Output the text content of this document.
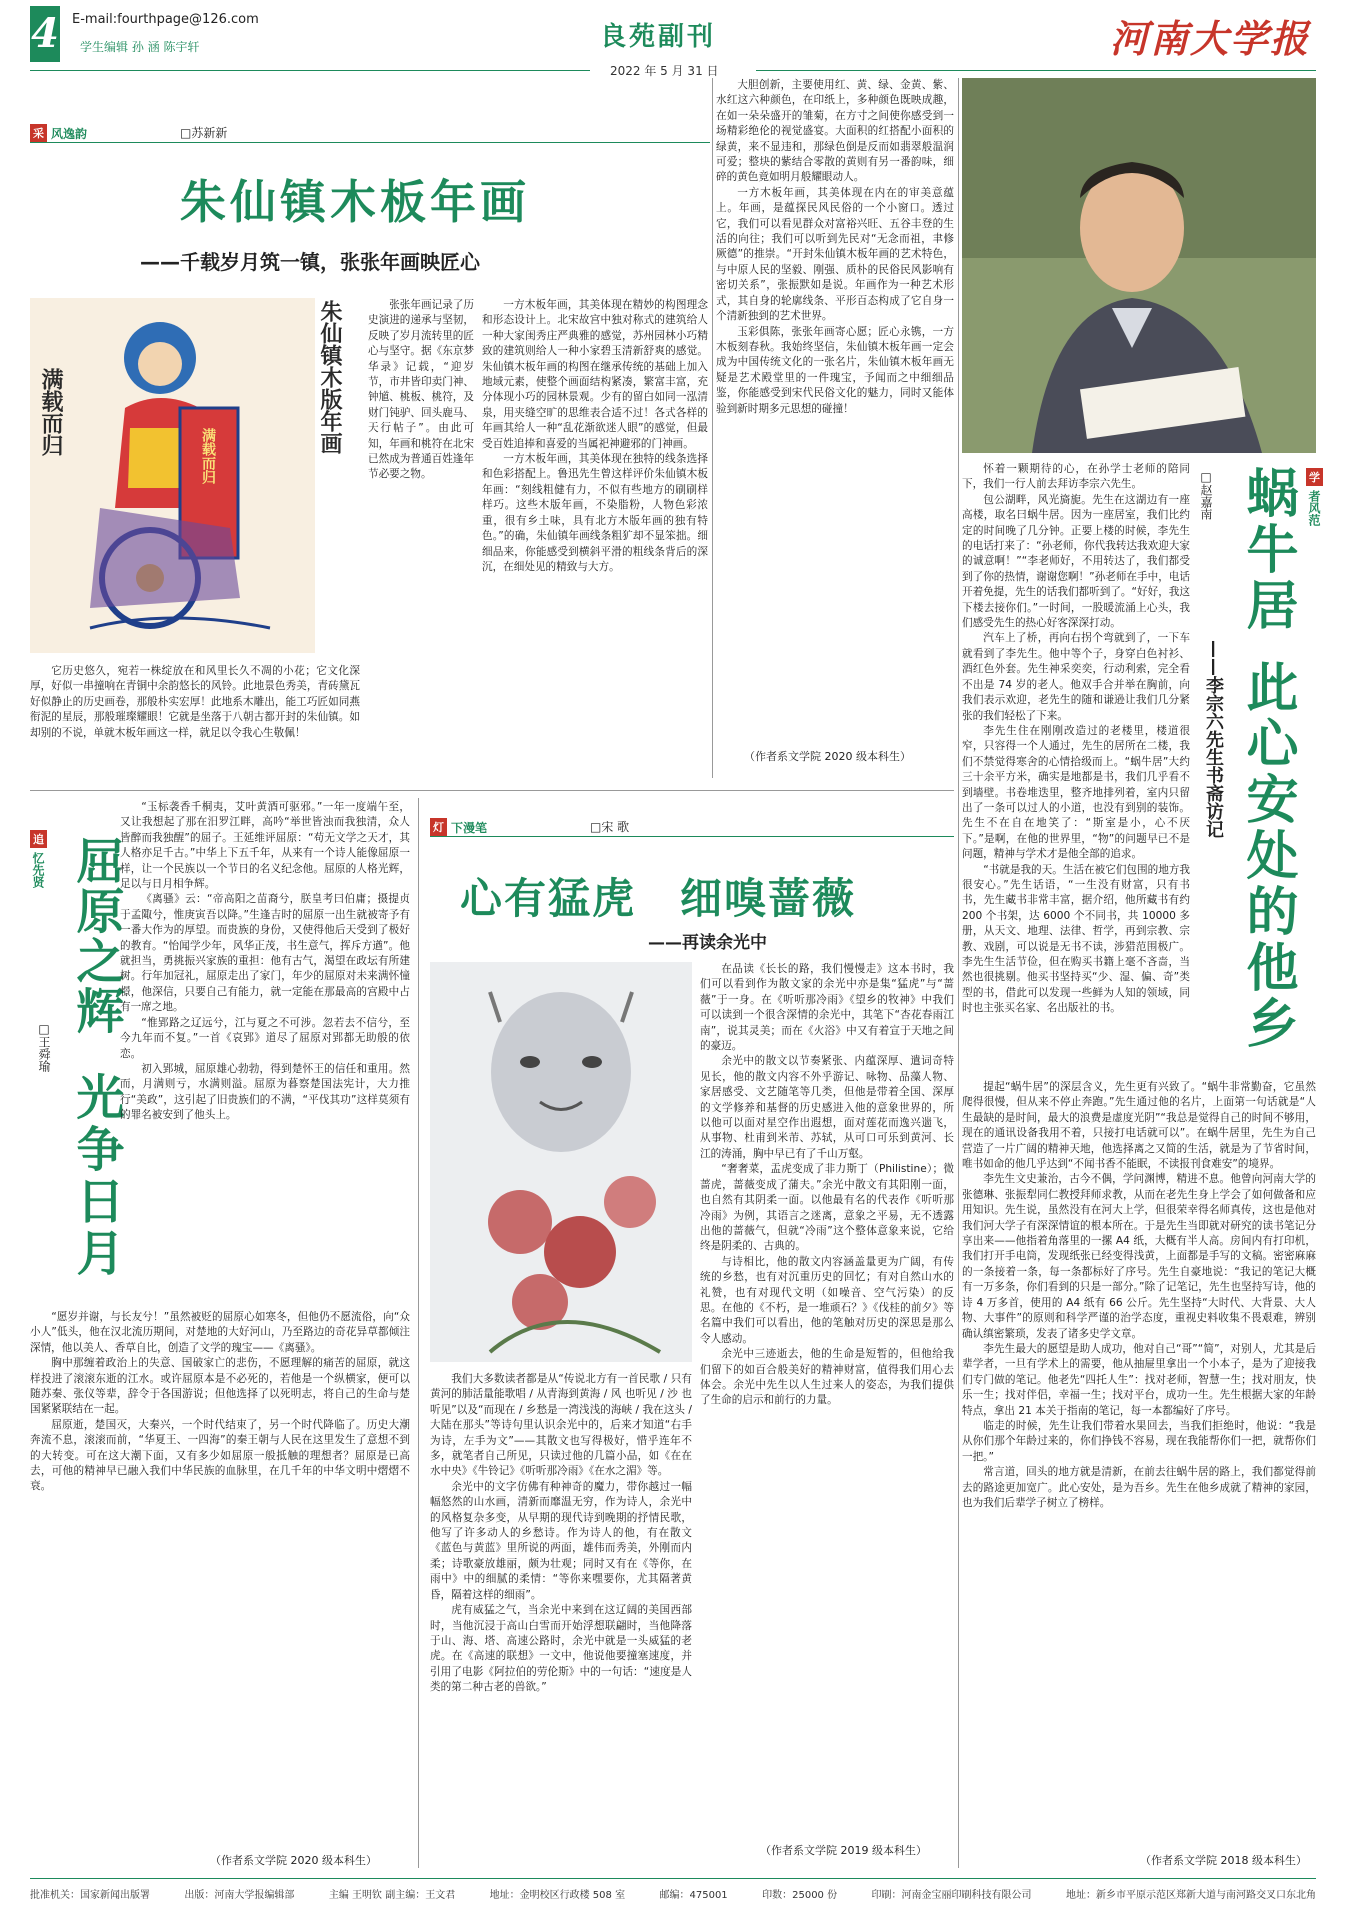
4 E-mail:fourthpage@126.com
学生编辑 孙 涵 陈宇轩	良苑副刊
2022 年 5 月 31 日
河南大学报
采 风逸韵	□苏新新
朱仙镇木板年画
——千载岁月筑一镇，张张年画映匠心
满载而归
满载而归	朱仙镇木版年画

它历史悠久，宛若一株绽放在和风里长久不凋的小花；它文化深厚，好似一串撞响在青铜中余韵悠长的风铃。此地景色秀美，青砖黛瓦好似静止的历史画卷，那般朴实宏厚！此地系木雕出，能工巧匠如同燕衔泥的星辰，那般璀璨耀眼！它就是坐落于八朝古都开封的朱仙镇。如却别的不说，单就木板年画这一样，就足以令我心生敬佩！

张张年画记录了历史演进的递承与坚韧，反映了岁月流转里的匠心与坚守。据《东京梦华录》记载，“迎岁节，市井皆印卖门神、钟馗、桃板、桃符，及财门钝驴、回头鹿马、天行帖子”。由此可知，年画和桃符在北宋已然成为普通百姓逢年节必要之物。

一方木板年画，其美体现在精妙的构图理念和形态设计上。北宋故宫中独对称式的建筑给人一种大家闺秀庄严典雅的感觉，苏州园林小巧精致的建筑则给人一种小家碧玉清新舒爽的感觉。朱仙镇木板年画的构图在继承传统的基础上加入地域元素，使整个画面结构紧凑，繁富丰富，充分体现小巧的园林景观。少有的留白如同一泓清泉，用夹缝空旷的思维表合适不过！各式各样的年画其给人一种“乱花渐欲迷人眼”的感觉，但最受百姓追捧和喜爱的当属祀神避邪的门神画。

一方木板年画，其美体现在独特的线条选择和色彩搭配上。鲁迅先生曾这样评价朱仙镇木板年画：“刻线粗健有力，不似有些地方的刷刷样样巧。这些木版年画，不染脂粉，人物色彩浓重，很有乡土味，具有北方木版年画的独有特色。”的确，朱仙镇年画线条粗犷却不显笨拙。细细品来，你能感受到横斜平滑的粗线条背后的深沉，在细处见的精致与大方。

大胆创新，主要使用红、黄、绿、金黄、紫、水红这六种颜色，在印纸上，多种颜色既映成趣，在如一朵朵盛开的雏菊，在方寸之间使你感受到一场精彩绝伦的视觉盛宴。大面积的红搭配小面积的绿黄，来不显违和，那绿色倒是反而如翡翠般温润可爱；整块的紫结合零散的黄则有另一番韵味，细碎的黄色竟如明月般耀眼动人。

一方木板年画，其美体现在内在的审美意蕴上。年画，是蕴探民风民俗的一个小窗口。透过它，我们可以看见群众对富裕兴旺、五谷丰登的生活的向往；我们可以听到先民对“无念而祖，聿修厥德”的推崇。“开封朱仙镇木板年画的艺术特色，与中原人民的坚毅、刚强、质朴的民俗民风影响有密切关系”，张振默如是说。年画作为一种艺术形式，其自身的轮廓线条、平形百态构成了它自身一个清新独到的艺术世界。

玉彩俱陈，张张年画寄心愿；匠心永镌，一方木板刻春秋。我始终坚信，朱仙镇木板年画一定会成为中国传统文化的一张名片，朱仙镇木板年画无疑是艺术殿堂里的一件瑰宝，予闻而之中细细品鉴，你能感受到宋代民俗文化的魅力，同时又能体验到新时期多元思想的碰撞！

（作者系文学院 2020 级本科生）
学
者风范
蜗牛居
此心安处的他乡
——李宗六先生书斋访记
□赵嘉南

怀着一颗期待的心，在孙学士老师的陪同下，我们一行人前去拜访李宗六先生。

包公湖畔，风光旖旎。先生在这湖边有一座高楼，取名曰蜗牛居。因为一座居室，我们比约定的时间晚了几分钟。正要上楼的时候，李先生的电话打来了：“孙老师，你代我转达我欢迎大家的诚意啊！”“李老师好，不用转达了，我们都受到了你的热情，谢谢您啊！”孙老师在手中，电话开着免提，先生的话我们都听到了。“好好，我这下楼去接你们。”一时间，一股暖流涌上心头，我们感受先生的热心好客深深打动。

汽车上了桥，再向右拐个弯就到了，一下车就看到了李先生。他中等个子，身穿白色衬衫、酒红色外套。先生神采奕奕，行动利索，完全看不出是 74 岁的老人。他双手合并举在胸前，向我们表示欢迎，老先生的随和谦逊让我们几分紧张的我们轻松了下来。

李先生住在刚刚改造过的老楼里，楼道很窄，只容得一个人通过，先生的居所在二楼，我们不禁觉得寒舍的心情拾级而上。“蜗牛居”大约三十余平方米，确实是地都是书，我们几乎看不到墙壁。书卷堆迭里，整齐地排列着，室内只留出了一条可以过人的小道，也没有到别的装饰。先生不在自在地笑了：“斯室是小，心不厌下。”是啊，在他的世界里，“物”的问题早已不是问题，精神与学术才是他全部的追求。

“书就是我的天。生活在被它们包围的地方我很安心。”先生话语，“一生没有财富，只有书书，先生藏书非常丰富，据介绍，他所藏书有约 200 个书架，达 6000 个不同书，共 10000 多册，从天文、地理、法律、哲学，再到宗教、宗教、戏剧，可以说是无书不读，涉猎范围极广。李先生生活节俭，但在购买书籍上毫不吝啬，当然也很挑剔。他买书坚持买“少、湿、偏、奇”类型的书，借此可以发现一些鲜为人知的领域，同时也主张买名家、名出版社的书。

提起“蜗牛居”的深层含义，先生更有兴致了。“蜗牛非常勤奋，它虽然爬得很慢，但从来不停止奔跑。”先生通过他的名片，上面第一句话就是“人生最缺的是时间，最大的浪费是虚度光阴”“我总是觉得自己的时间不够用，现在的通讯设备我用不着，只接打电话就可以”。在蜗牛居里，先生为自己营造了一片广阔的精神天地，他选择离之又简的生活，就是为了节省时间，唯书如命的他几乎达到“不闻书香不能眠，不读报刊食难安”的境界。

李先生文史兼治，古今不偶，学问渊博，精进不息。他曾向河南大学的张德琳、张振犁同仁教授拜师求教，从而在老先生身上学会了如何做备和应用知识。先生说，虽然没有在河大上学，但很荣幸得名师真传，这也是他对我们河大学子有深深情谊的根本所在。于是先生当即就对研究的读书笔记分享出来——他指着角落里的一摞 A4 纸，大概有半人高。房间内有打印机，我们打开手电筒，发现纸张已经变得浅黄，上面都是手写的文稿。密密麻麻的一条接着一条，每一条都标好了序号。先生自豪地说：“我记的笔记大概有一万多条，你们看到的只是一部分。”除了记笔记，先生也坚持写诗，他的诗 4 万多首，使用的 A4 纸有 66 公斤。先生坚持“大时代、大背景、大人物、大事件”的原则和科学严谨的治学态度，重视史料收集不畏艰难，辨别确认缜密繁琐，发表了诸多史学文章。

李先生最大的愿望是助人成功，他对自己“哥”“简”，对别人，尤其是后辈学者，一旦有学术上的需要，他从抽屉里拿出一个小本子，是为了迎接我们专门做的笔记。他老先“四托人生”：找对老师，智慧一生；找对朋友，快乐一生；找对伴侣，幸福一生；找对平台，成功一生。先生根据大家的年龄特点，拿出 21 本关于指南的笔记，每一本都编好了序号。

临走的时候，先生让我们带着水果回去，当我们拒绝时，他说：“我是从你们那个年龄过来的，你们挣钱不容易，现在我能帮你们一把，就帮你们一把。”

常言道，回头的地方就是清新，在前去往蜗牛居的路上，我们都觉得前去的路途更加宽广。此心安处，是为吾乡。先生在他乡成就了精神的家园，也为我们后辈学子树立了榜样。

（作者系文学院 2018 级本科生）
追
忆先贤 屈原之辉
光争日月
□王舜瑜

“玉标袭香千桐夷，艾叶黄酒可驱邪。”一年一度端午至，又让我想起了那在汨罗江畔，高吟“举世皆浊而我独清，众人皆醉而我独醒”的屈子。王延维评屈原：“苟无文学之天才，其人格亦足千古。”中华上下五千年，从来有一个诗人能像屈原一样，让一个民族以一个节日的名义纪念他。屈原的人格光辉，足以与日月相争辉。

《离骚》云：“帝高阳之苗裔兮，朕皇考曰伯庸；摄提贞于孟陬兮，惟庚寅吾以降。”生逢吉时的屈原一出生就被寄予有一番大作为的厚望。而贵族的身份，又使得他后天受到了极好的教育。“怡闻学少年，风华正茂，书生意气，挥斥方遒”。他就担当，勇挑振兴家族的重担：他有古气，渴望在政坛有所建树。行年加冠礼，屈原走出了家门，年少的屈原对未来满怀憧憬，他深信，只要自己有能力，就一定能在那最高的宫殿中占有一席之地。

“惟郢路之辽远兮，江与夏之不可涉。忽若去不信兮，至今九年而不复。”一首《哀郢》道尽了屈原对郢都无助般的依恋。

初入郢城，屈原雄心勃勃，得到楚怀王的信任和重用。然而，月满则亏，水满则溢。屈原为暮察楚国法宪计，大力推行“美政”，这引起了旧贵族们的不满，“平伐其功”这样莫须有的罪名被安到了他头上。

“愿岁并谢，与长友兮！”虽然被贬的屈原心如寒冬，但他仍不愿流俗，向“众小人”低头，他在汉北流历期间，对楚地的大好河山，乃至路边的奇花异草都倾注深情，他以美人、香草自比，创造了文学的瑰宝——《离骚》。

胸中那缠着政治上的失意、国破家亡的悲伤，不愿理解的痛苦的屈原，就这样投进了滚滚东逝的江水。或许屈原本是不必死的，若他是一个纵横家，便可以随苏秦、张仪等辈，辞令于各国游说；但他选择了以死明志，将自己的生命与楚国紧紧联结在一起。

屈原逝，楚国灭，大秦兴，一个时代结束了，另一个时代降临了。历史大潮奔流不息，滚滚而前，“华夏王、一四海”的秦王朝与人民在这里发生了意想不到的大转变。可在这大潮下面，又有多少如屈原一般抵触的理想者？屈原是已高去，可他的精神早已融入我们中华民族的血脉里，在几千年的中华文明中熠熠不衰。

（作者系文学院 2020 级本科生）
灯 下漫笔	□宋 歌
心有猛虎　细嗅蔷薇
——再读余光中

我们大多数读者都是从“传说北方有一首民歌 / 只有黄河的肺活量能歌唱 / 从青海到黄海 / 风 也听见 / 沙 也听见”以及“而现在 / 乡愁是一湾浅浅的海峡 / 我在这头 / 大陆在那头”等诗句里认识余光中的，后来才知道“右手为诗，左手为文”——其散文也写得极好，惜乎连年不多，就笔者自己所见，只读过他的几篇小品，如《在在水中央》《牛铃记》《听听那冷雨》《在水之湄》等。

余光中的文字仿佛有种神奇的魔力，带你越过一幅幅悠然的山水画，清新而靡温无穷，作为诗人，余光中的风格复杂多变，从早期的现代诗到晚期的抒情民歌，他写了许多动人的乡愁诗。作为诗人的他，有在散文《蓝色与黄蓝》里所说的两面，雄伟而秀美，外刚而内柔；诗歌豪放雄丽，颇为壮观；同时又有在《等你，在雨中》中的细腻的柔情：“等你来嘿要你，尤其隔著黄昏，隔着这样的细雨”。

虎有威猛之气，当余光中来到在这辽阔的美国西部时，当他沉浸于高山白雪而开始浮想联翩时，当他降落于山、海、塔、高速公路时，余光中就是一头威猛的老虎。在《高速的联想》一文中，他说他要撞塞速度，并引用了电影《阿拉伯的劳伦斯》中的一句话：“速度是人类的第二种古老的兽欲。”

在品读《长长的路，我们慢慢走》这本书时，我们可以看到作为散文家的余光中亦是集“猛虎”与“蔷薇”于一身。在《听听那冷雨》《望乡的牧神》中我们可以读到一个很含深情的余光中，其笔下“杏花春雨江南”，说其灵美；而在《火浴》中又有着宣于天地之间的豪迈。

余光中的散文以节奏紧张、内蕴深厚、遣词奇特见长，他的散文内容不外乎游记、咏物、品藻人物、家居感受、文艺随笔等几类，但他是带着全国、深厚的文学修养和基督的历史感进入他的意象世界的，所以他可以面对星空作出遐想，面对莲花而逸兴遄飞，从事物、杜甫到米芾、苏轼，从可口可乐到黄河、长江的涛涌，胸中早已有了千山万壑。

“奢奢菜，盂虎变成了非力斯丁（Philistine）；微蔷虎，蔷薇变成了蒲夫。”余光中散文有其阳刚一面，也自然有其阴柔一面。以他最有名的代表作《听听那冷雨》为例，其语言之迷离，意象之平易，无不透露出他的蔷薇气，但就“冷雨”这个整体意象来说，它给终是阴柔的、古典的。

与诗相比，他的散文内容涵盖量更为广阔，有传统的乡愁，也有对沉重历史的回忆；有对自然山水的礼赞，也有对现代文明（如噪音、空气污染）的反思。在他的《不朽，是一堆顽石？》《伐桂的前夕》等名篇中我们可以看出，他的笔触对历史的深思是那么令人感动。

余光中三迹逝去，他的生命是短暂的，但他给我们留下的如百合般美好的精神财富，值得我们用心去体会。余光中先生以人生过来人的姿态，为我们提供了生命的启示和前行的力量。

（作者系文学院 2019 级本科生）
批准机关：国家新闻出版署	出版：河南大学报编辑部	主编 王明钦 副主编：王文君	地址：金明校区行政楼 508 室	邮编：475001	印数：25000 份	印刷：河南金宝丽印刷科技有限公司	地址：新乡市平原示范区郑新大道与南河路交叉口东北角
